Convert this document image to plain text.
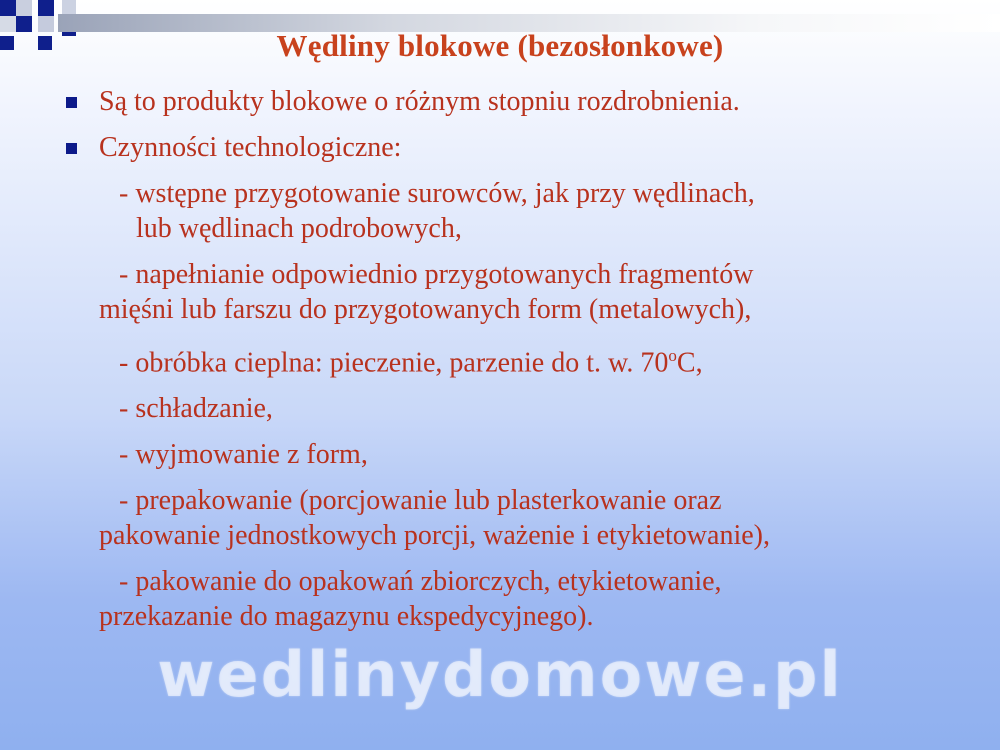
Wędliny blokowe (bezosłonkowe)
Są to produkty blokowe o różnym stopniu rozdrobnienia.
Czynności technologiczne:
- wstępne przygotowanie surowców, jak przy wędlinach,
lub wędlinach podrobowych,
- napełnianie odpowiednio przygotowanych fragmentów
mięśni lub farszu do przygotowanych form (metalowych),
- obróbka cieplna: pieczenie, parzenie do t. w. 70$^o$C,
- schładzanie,
- wyjmowanie z form,
- prepakowanie (porcjowanie lub plasterkowanie oraz
pakowanie jednostkowych porcji, ważenie i etykietowanie),
- pakowanie do opakowań zbiorczych, etykietowanie,
przekazanie do magazynu ekspedycyjnego).
wedlinydomowe.pl
